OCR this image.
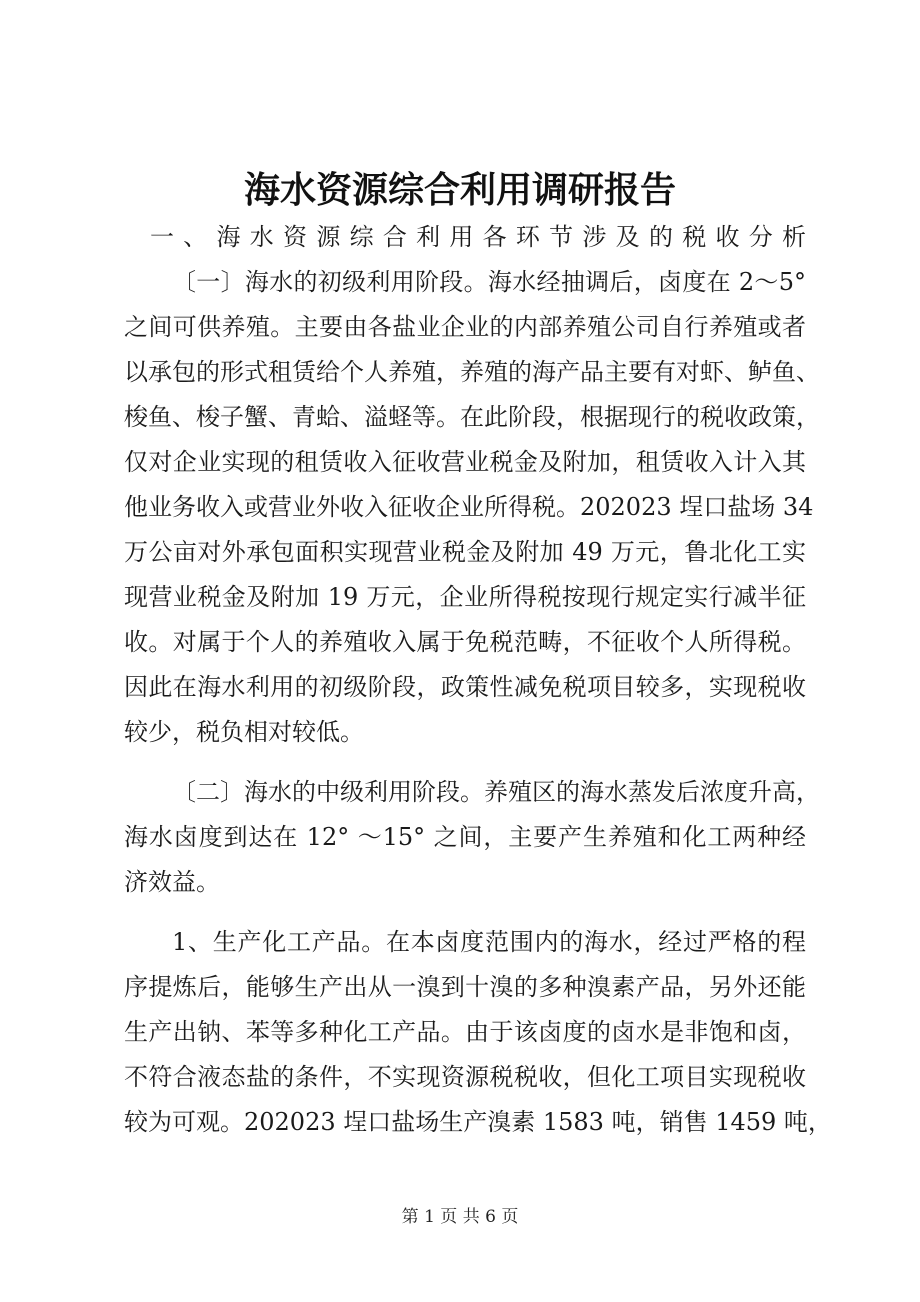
海水资源综合利用调研报告
一、海水资源综合利用各环节涉及的税收分析
〔一〕海水的初级利用阶段。海水经抽调后，卤度在 2～5°
之间可供养殖。主要由各盐业企业的内部养殖公司自行养殖或者
以承包的形式租赁给个人养殖，养殖的海产品主要有对虾、鲈鱼、
梭鱼、梭子蟹、青蛤、溢蛏等。在此阶段，根据现行的税收政策，
仅对企业实现的租赁收入征收营业税金及附加，租赁收入计入其
他业务收入或营业外收入征收企业所得税。202023 埕口盐场 34
万公亩对外承包面积实现营业税金及附加 49 万元，鲁北化工实
现营业税金及附加 19 万元，企业所得税按现行规定实行减半征
收。对属于个人的养殖收入属于免税范畴，不征收个人所得税。
因此在海水利用的初级阶段，政策性减免税项目较多，实现税收
较少，税负相对较低。
〔二〕海水的中级利用阶段。养殖区的海水蒸发后浓度升高，
海水卤度到达在 12° ～15° 之间，主要产生养殖和化工两种经
济效益。
1、生产化工产品。在本卤度范围内的海水，经过严格的程
序提炼后，能够生产出从一溴到十溴的多种溴素产品，另外还能
生产出钠、苯等多种化工产品。由于该卤度的卤水是非饱和卤，
不符合液态盐的条件，不实现资源税税收，但化工项目实现税收
较为可观。202023 埕口盐场生产溴素 1583 吨，销售 1459 吨，
第 1 页 共 6 页
